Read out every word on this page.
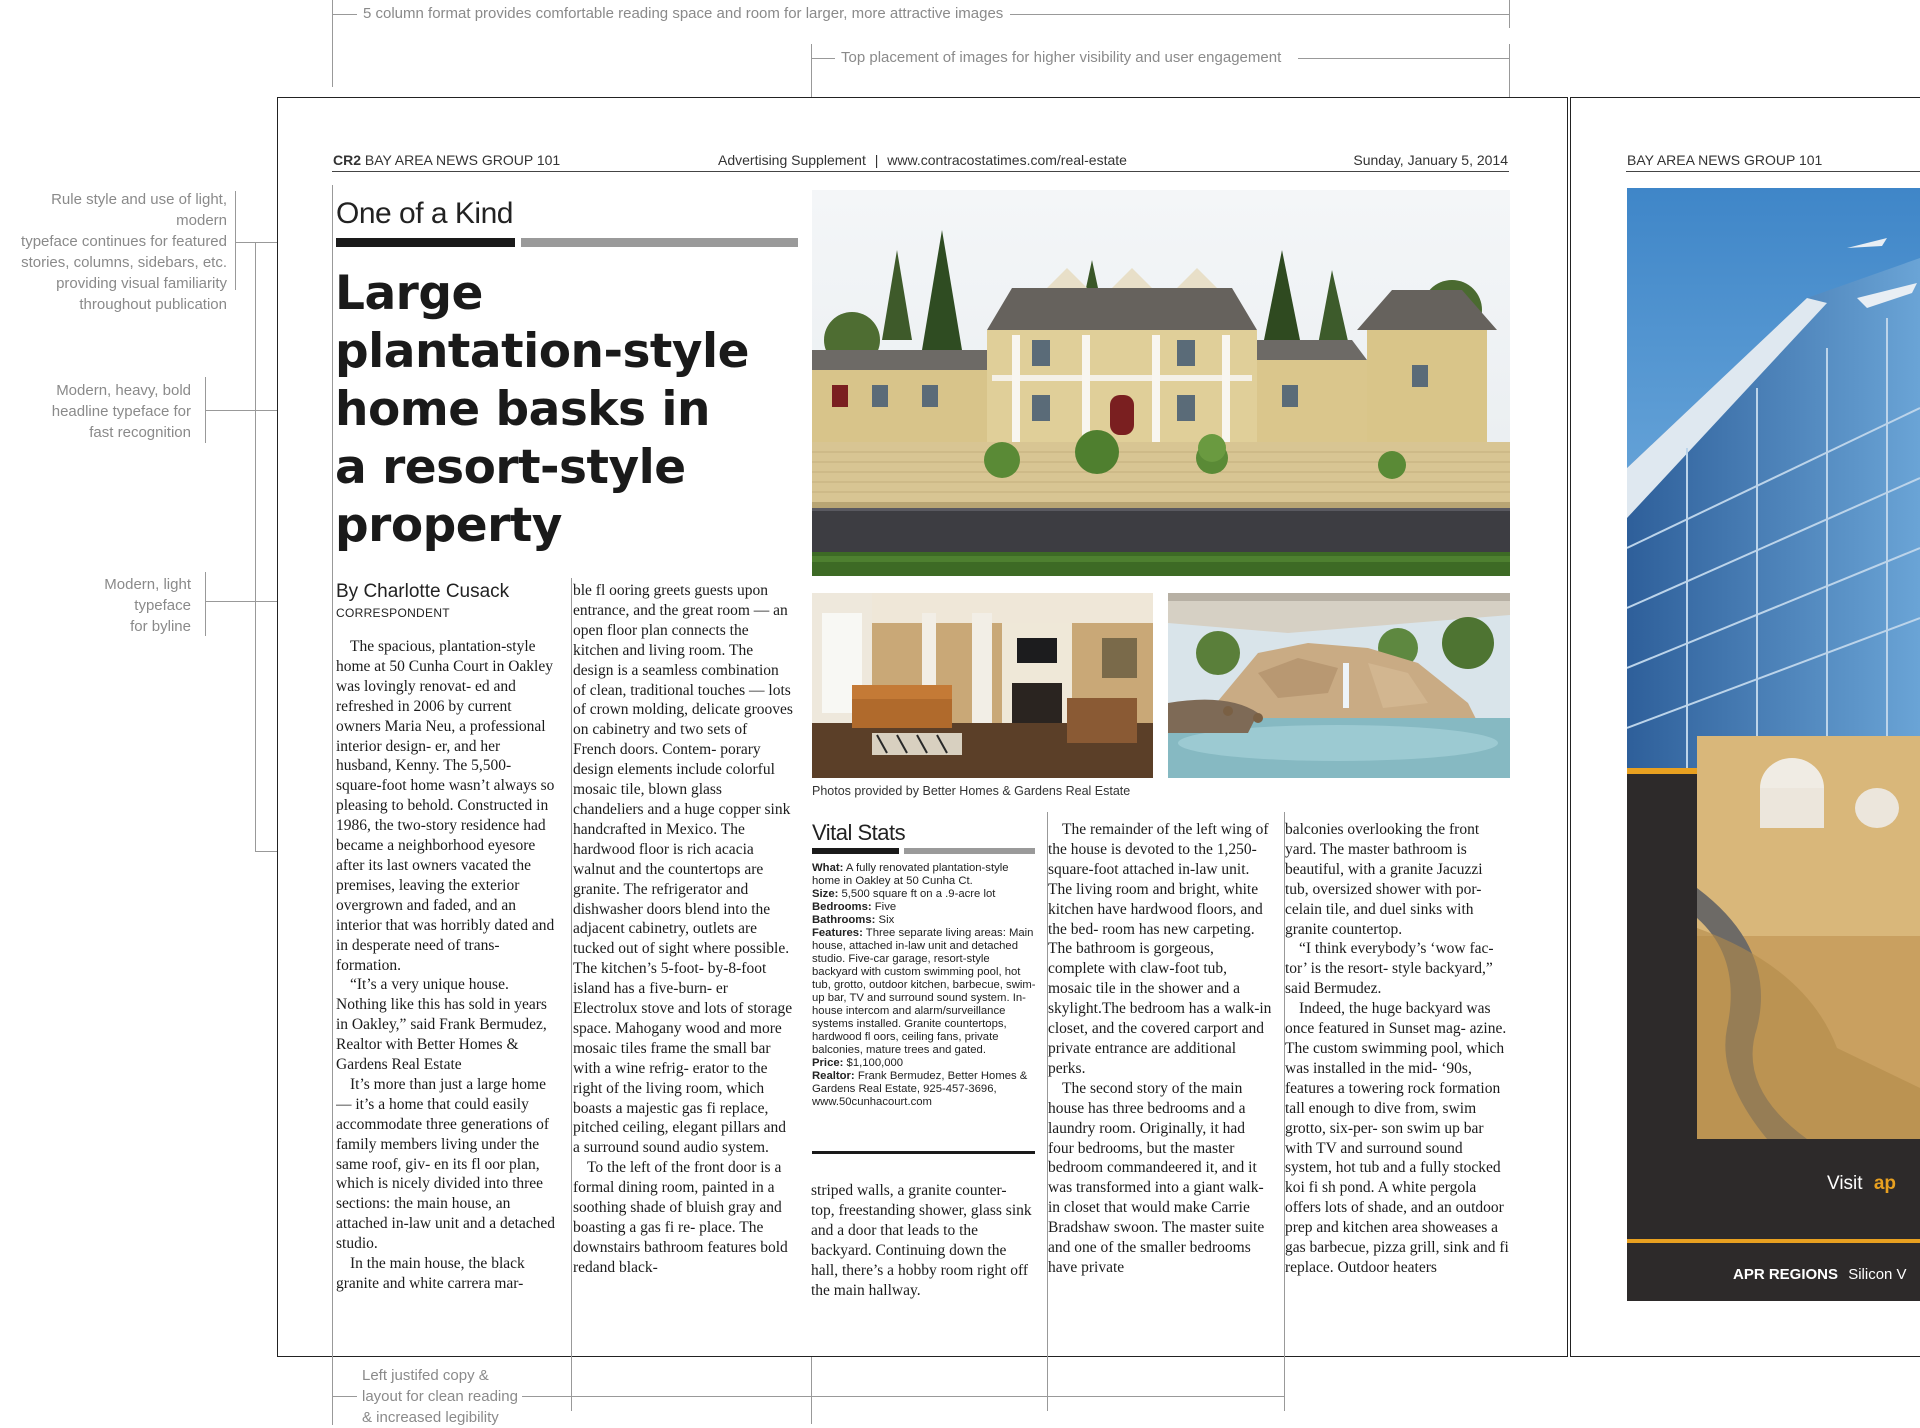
5 column format provides comfortable reading space and room for larger, more attractive images
Top placement of images for higher visibility and user engagement
Rule style and use of light, modern
typeface continues for featured
stories, columns, sidebars, etc.
providing visual familiarity
throughout publication
Modern, heavy, bold
headline typeface for
fast recognition
Modern, light
typeface
for byline
Left justifed copy &
layout for clean reading
& increased legibility
CR2 BAY AREA NEWS GROUP 101	Advertising Supplement | www.contracostatimes.com/real-estate	Sunday, January 5, 2014
One of a Kind
Large
plantation-style
home basks in
a resort-style
property
By Charlotte Cusack
CORRESPONDENT

The spacious, plantation-style home at 50 Cunha Court in Oakley was lovingly renovat- ed and refreshed in 2006 by current owners Maria Neu, a professional interior design- er, and her husband, Kenny. The 5,500-square-foot home wasn’t always so pleasing to behold. Constructed in 1986, the two-story residence had became a neighborhood eyesore after its last owners vacated the premises, leaving the exterior overgrown and faded, and an interior that was horribly dated and in desperate need of trans- formation.

“It’s a very unique house. Nothing like this has sold in years in Oakley,” said Frank Bermudez, Realtor with Better Homes & Gardens Real Estate

It’s more than just a large home — it’s a home that could easily accommodate three generations of family members living under the same roof, giv- en its fl oor plan, which is nicely divided into three sections: the main house, an attached in-law unit and a detached studio.

In the main house, the black granite and white carrera mar-

ble fl ooring greets guests upon entrance, and the great room — an open floor plan connects the kitchen and living room. The design is a seamless combination of clean, traditional touches — lots of crown molding, delicate grooves on cabinetry and two sets of French doors. Contem- porary design elements include colorful mosaic tile, blown glass chandeliers and a huge copper sink handcrafted in Mexico. The hardwood floor is rich acacia walnut and the countertops are granite. The refrigerator and dishwasher doors blend into the adjacent cabinetry, outlets are tucked out of sight where possible. The kitchen’s 5-foot- by-8-foot island has a five-burn- er Electrolux stove and lots of storage space. Mahogany wood and more mosaic tiles frame the small bar with a wine refrig- erator to the right of the living room, which boasts a majestic gas fi replace, pitched ceiling, elegant pillars and a surround sound audio system.

To the left of the front door is a formal dining room, painted in a soothing shade of bluish gray and boasting a gas fi re- place. The downstairs bathroom features bold redand black-

Photos provided by Better Homes & Gardens Real Estate
Vital Stats
What: A fully renovated plantation-style home in Oakley at 50 Cunha Ct.
Size: 5,500 square ft on a .9-acre lot
Bedrooms: Five
Bathrooms: Six
Features: Three separate living areas: Main house, attached in-law unit and detached studio. Five-car garage, resort-style backyard with custom swimming pool, hot tub, grotto, outdoor kitchen, barbecue, swim-up bar, TV and surround sound system. In- house intercom and alarm/surveillance systems installed. Granite countertops, hardwood fl oors, ceiling fans, private balconies, mature trees and gated.
Price: $1,100,000
Realtor: Frank Bermudez, Better Homes & Gardens Real Estate, 925-457-3696, www.50cunhacourt.com

striped walls, a granite counter- top, freestanding shower, glass sink and a door that leads to the backyard. Continuing down the hall, there’s a hobby room right off the main hallway.

The remainder of the left wing of the house is devoted to the 1,250-square-foot attached in-law unit. The living room and bright, white kitchen have hardwood floors, and the bed- room has new carpeting. The bathroom is gorgeous, complete with claw-foot tub, mosaic tile in the shower and a skylight.The bedroom has a walk-in closet, and the covered carport and private entrance are additional perks.

The second story of the main house has three bedrooms and a laundry room. Originally, it had four bedrooms, but the master bedroom commandeered it, and it was transformed into a giant walk-in closet that would make Carrie Bradshaw swoon. The master suite and one of the smaller bedrooms have private

balconies overlooking the front yard. The master bathroom is beautiful, with a granite Jacuzzi tub, oversized shower with por- celain tile, and duel sinks with granite countertop.

“I think everybody’s ‘wow fac- tor’ is the resort- style backyard,” said Bermudez.

Indeed, the huge backyard was once featured in Sunset mag- azine. The custom swimming pool, which was installed in the mid- ‘90s, features a towering rock formation tall enough to dive from, swim grotto, six-per- son swim up bar with TV and surround sound system, hot tub and a fully stocked koi fi sh pond. A white pergola offers lots of shade, and an outdoor prep and kitchen area showeases a gas barbecue, pizza grill, sink and fi replace. Outdoor heaters

BAY AREA NEWS GROUP 101
Visit ap
APR REGIONS Silicon V
